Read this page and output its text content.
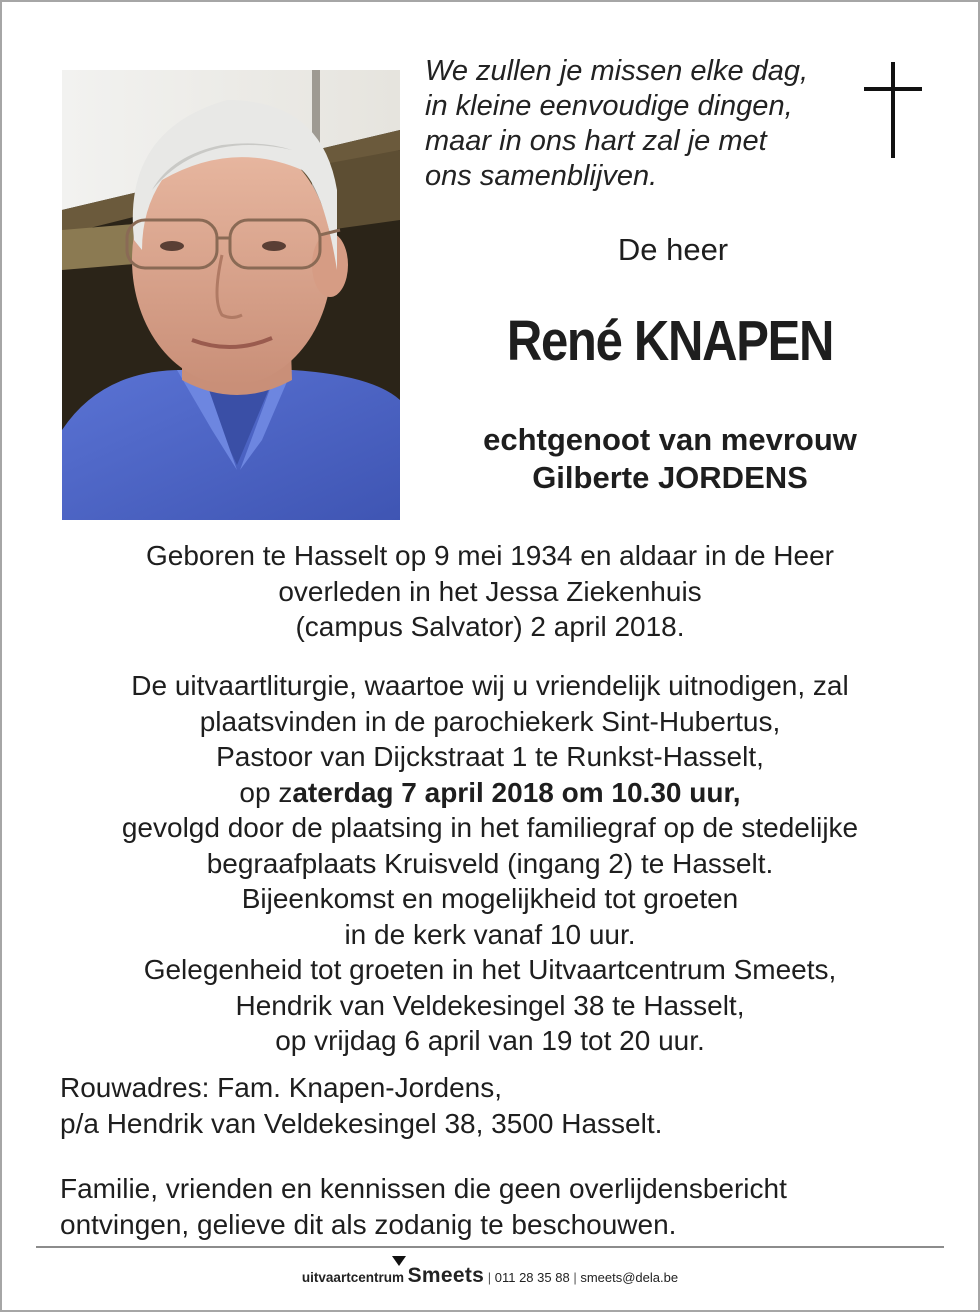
We zullen je missen elke dag,
in kleine eenvoudige dingen,
maar in ons hart zal je met
ons samenblijven.
De heer
René KNAPEN
echtgenoot van mevrouw
Gilberte JORDENS
Geboren te Hasselt op 9 mei 1934 en aldaar in de Heer
overleden in het Jessa Ziekenhuis
(campus Salvator) 2 april 2018.
De uitvaartliturgie, waartoe wij u vriendelijk uitnodigen, zal
plaatsvinden in de parochiekerk Sint-Hubertus,
Pastoor van Dijckstraat 1 te Runkst-Hasselt,
op zaterdag 7 april 2018 om 10.30 uur,
gevolgd door de plaatsing in het familiegraf op de stedelijke
begraafplaats Kruisveld (ingang 2) te Hasselt.
Bijeenkomst en mogelijkheid tot groeten
in de kerk vanaf 10 uur.
Gelegenheid tot groeten in het Uitvaartcentrum Smeets,
Hendrik van Veldekesingel 38 te Hasselt,
op vrijdag 6 april van 19 tot 20 uur.
Rouwadres: Fam. Knapen-Jordens,
p/a Hendrik van Veldekesingel 38, 3500 Hasselt.
Familie, vrienden en kennissen die geen overlijdensbericht
ontvingen, gelieve dit als zodanig te beschouwen.
uitvaartcentrum Smeets | 011 28 35 88 | smeets@dela.be
